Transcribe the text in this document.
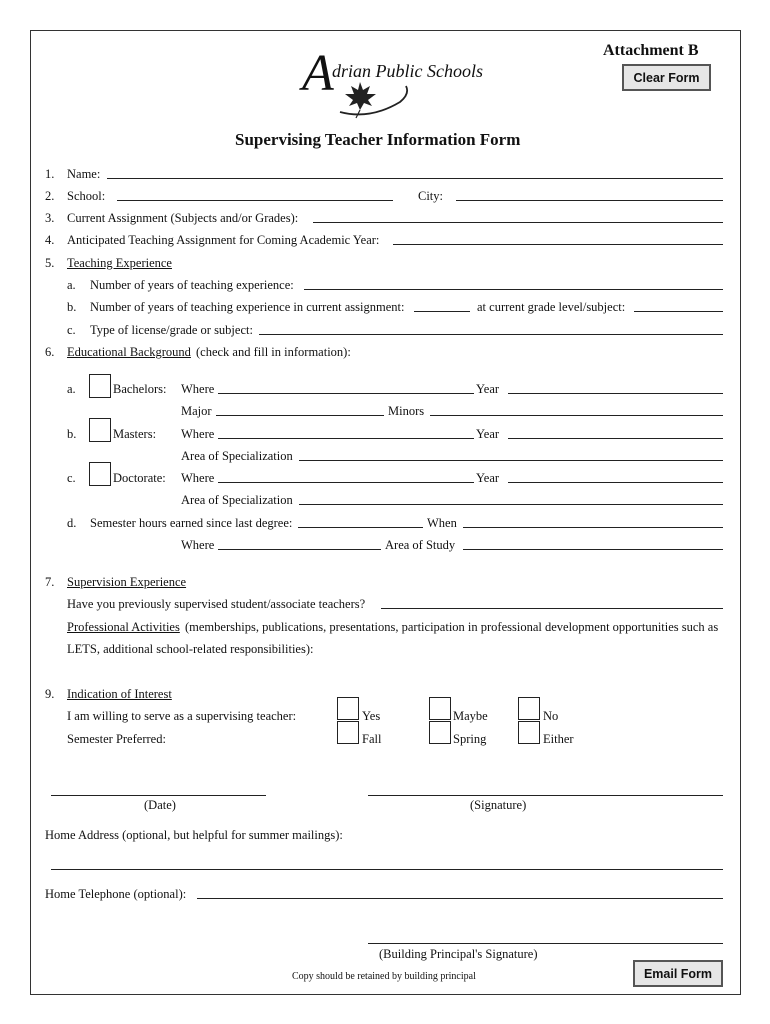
Attachment B
Clear Form
A
drian Public Schools
Supervising Teacher Information Form
1. Name:
2. School:	City:
3. Current Assignment (Subjects and/or Grades):
4. Anticipated Teaching Assignment for Coming Academic Year:
5. Teaching Experience
a. Number of years of teaching experience:
b. Number of years of teaching experience in current assignment:	at current grade level/subject:
c. Type of license/grade or subject:
6. Educational Background (check and fill in information):
a.	Bachelors: Where	Year
Major	Minors
b.	Masters: Where	Year
Area of Specialization
c.	Doctorate: Where	Year
Area of Specialization
d. Semester hours earned since last degree:	When
Where	Area of Study
7. Supervision Experience
Have you previously supervised student/associate teachers?
Professional Activities (memberships, publications, presentations, participation in professional development opportunities such as
LETS, additional school-related responsibilities):
9. Indication of Interest
I am willing to serve as a supervising teacher:
Semester Preferred:
Yes	Maybe	No
Fall	Spring	Either
(Date)	(Signature)
Home Address (optional, but helpful for summer mailings):
Home Telephone (optional):
(Building Principal's Signature)
Copy should be retained by building principal	Email Form
